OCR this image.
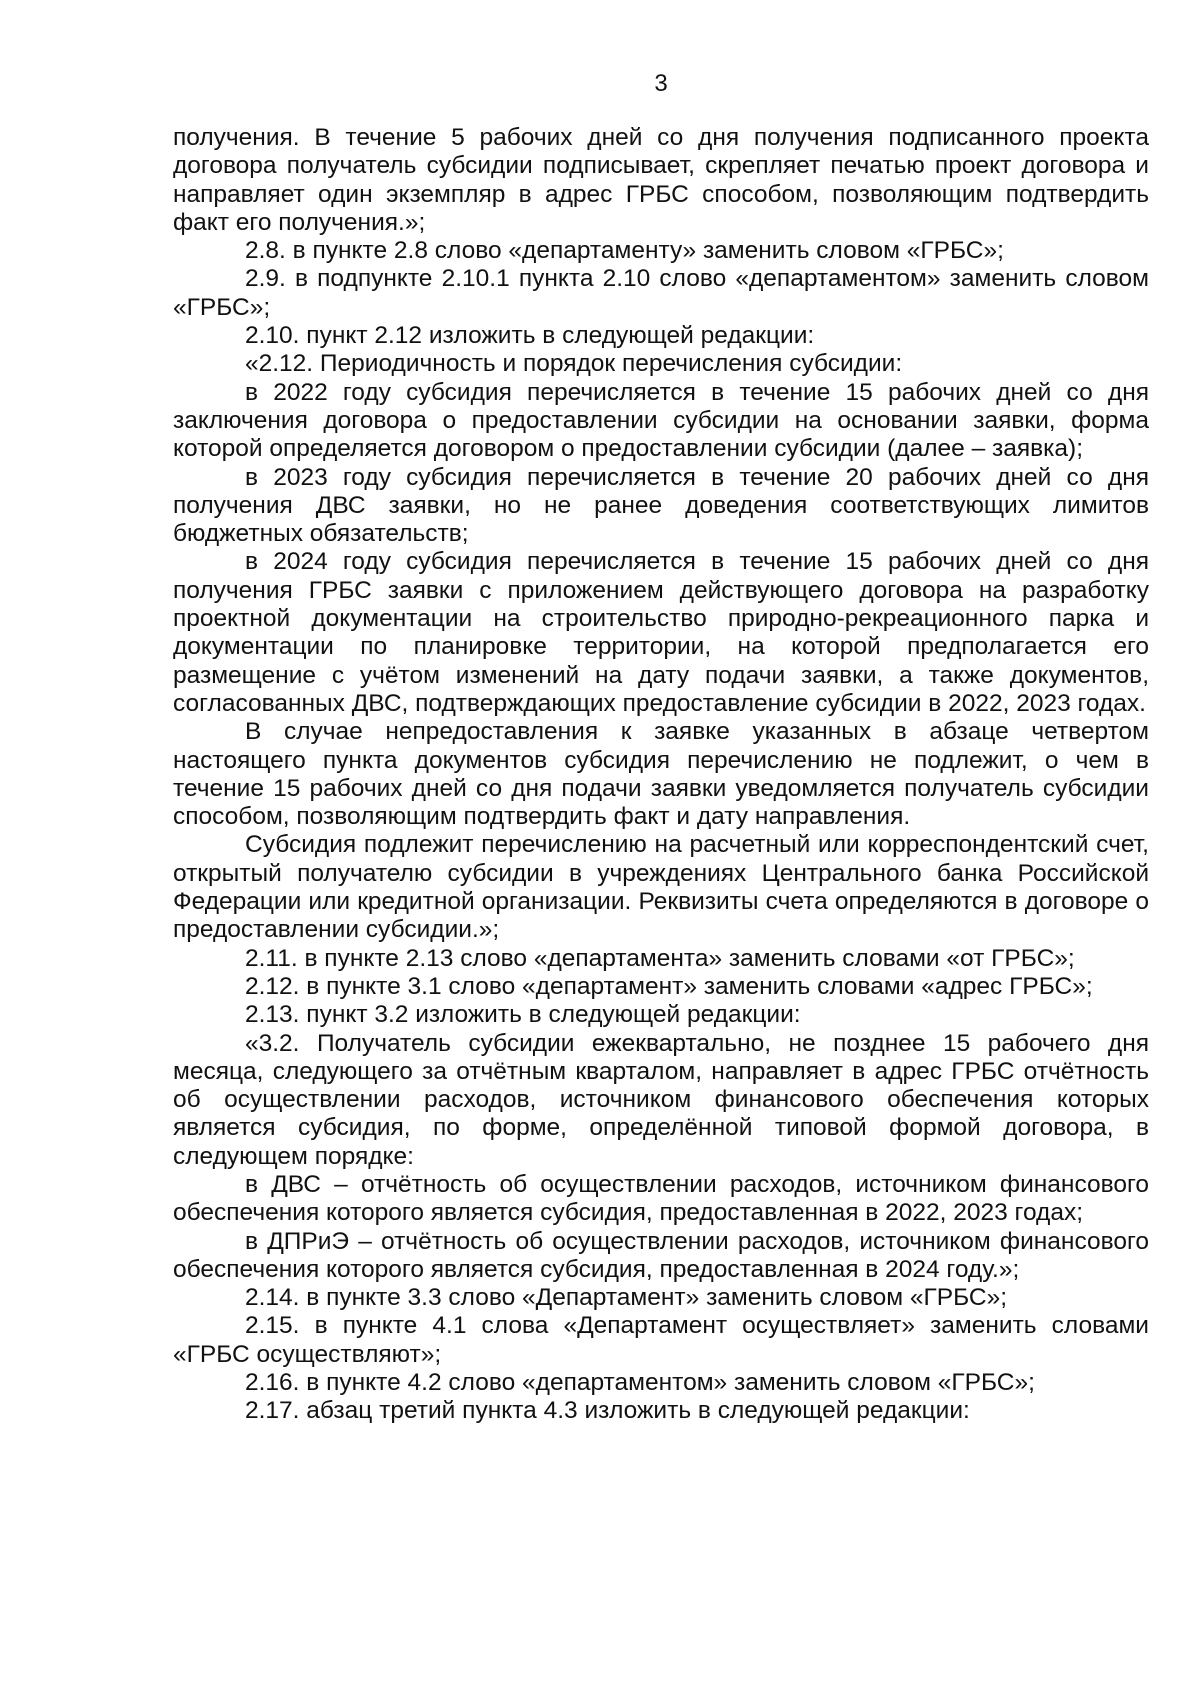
3

получения. В течение 5 рабочих дней со дня получения подписанного проекта договора получатель субсидии подписывает, скрепляет печатью проект договора и направляет один экземпляр в адрес ГРБС способом, позволяющим подтвердить факт его получения.»;

2.8. в пункте 2.8 слово «департаменту» заменить словом «ГРБС»;

2.9. в подпункте 2.10.1 пункта 2.10 слово «департаментом» заменить словом «ГРБС»;

2.10. пункт 2.12 изложить в следующей редакции:

«2.12. Периодичность и порядок перечисления субсидии:

в 2022 году субсидия перечисляется в течение 15 рабочих дней со дня заключения договора о предоставлении субсидии на основании заявки, форма которой определяется договором о предоставлении субсидии (далее – заявка);

в 2023 году субсидия перечисляется в течение 20 рабочих дней со дня получения ДВС заявки, но не ранее доведения соответствующих лимитов бюджетных обязательств;

в 2024 году субсидия перечисляется в течение 15 рабочих дней со дня получения ГРБС заявки с приложением действующего договора на разработку проектной документации на строительство природно-рекреационного парка и документации по планировке территории, на которой предполагается его размещение с учётом изменений на дату подачи заявки, а также документов, согласованных ДВС, подтверждающих предоставление субсидии в 2022, 2023 годах.

В случае непредоставления к заявке указанных в абзаце четвертом настоящего пункта документов субсидия перечислению не подлежит, о чем в течение 15 рабочих дней со дня подачи заявки уведомляется получатель субсидии способом, позволяющим подтвердить факт и дату направления.

Субсидия подлежит перечислению на расчетный или корреспондентский счет, открытый получателю субсидии в учреждениях Центрального банка Российской Федерации или кредитной организации. Реквизиты счета определяются в договоре о предоставлении субсидии.»;

2.11. в пункте 2.13 слово «департамента» заменить словами «от ГРБС»;

2.12. в пункте 3.1 слово «департамент» заменить словами «адрес ГРБС»;

2.13. пункт 3.2 изложить в следующей редакции:

«3.2. Получатель субсидии ежеквартально, не позднее 15 рабочего дня месяца, следующего за отчётным кварталом, направляет в адрес ГРБС отчётность об осуществлении расходов, источником финансового обеспечения которых является субсидия, по форме, определённой типовой формой договора, в следующем порядке:

в ДВС – отчётность об осуществлении расходов, источником финансового обеспечения которого является субсидия, предоставленная в 2022, 2023 годах;

в ДПРиЭ – отчётность об осуществлении расходов, источником финансового обеспечения которого является субсидия, предоставленная в 2024 году.»;

2.14. в пункте 3.3 слово «Департамент» заменить словом «ГРБС»;

2.15. в пункте 4.1 слова «Департамент осуществляет» заменить словами «ГРБС осуществляют»;

2.16. в пункте 4.2 слово «департаментом» заменить словом «ГРБС»;

2.17. абзац третий пункта 4.3 изложить в следующей редакции:
